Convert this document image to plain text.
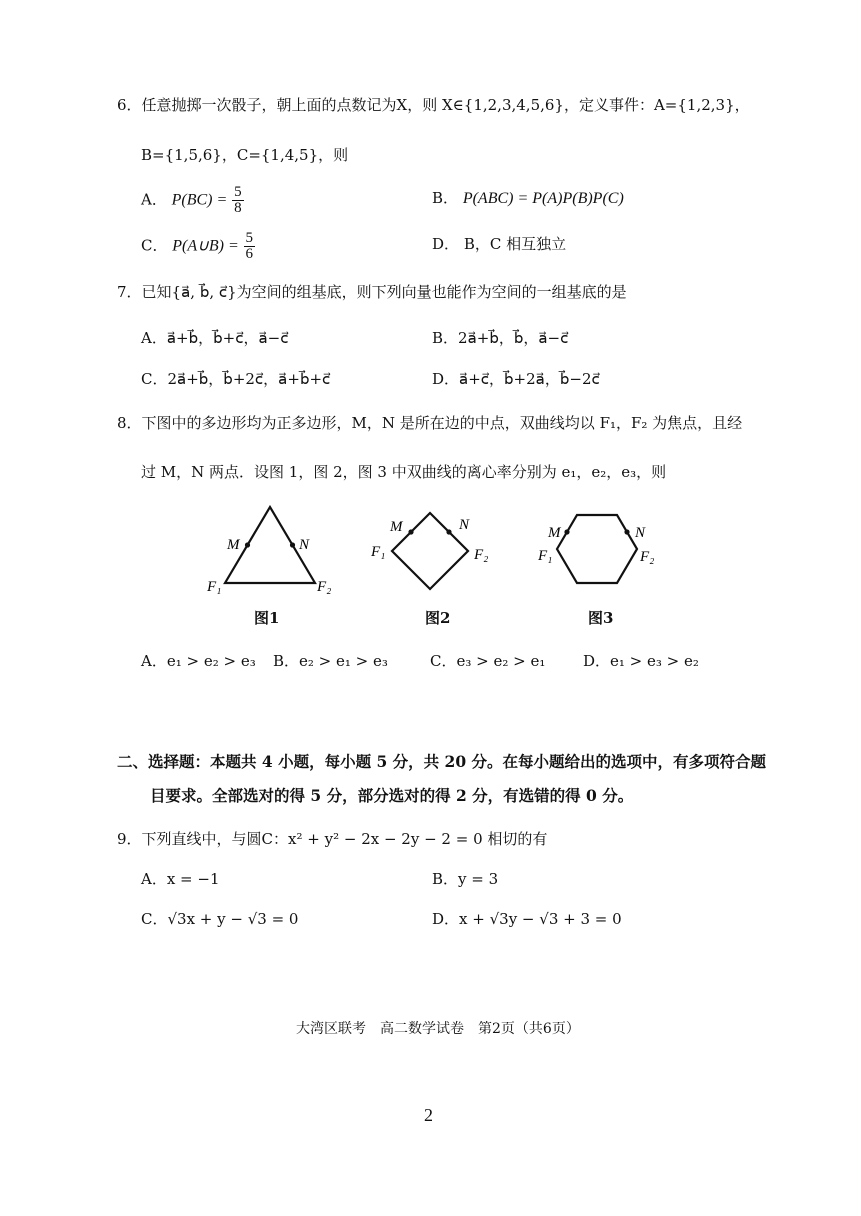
6．任意抛掷一次骰子，朝上面的点数记为X，则 X∈{1,2,3,4,5,6}，定义事件：A={1,2,3}，
B={1,5,6}，C={1,4,5}，则
A． $P(BC) = \frac{5}{8}$	B． P(ABC) = P(A)P(B)P(C)
C． P(A∪B) = $\frac{5}{6}$	D． B，C 相互独立
7．已知{a⃗, b⃗, c⃗}为空间的组基底，则下列向量也能作为空间的一组基底的是
A．a⃗+b⃗，b⃗+c⃗，a⃗−c⃗	B．2a⃗+b⃗，b⃗，a⃗−c⃗
C．2a⃗+b⃗，b⃗+2c⃗，a⃗+b⃗+c⃗	D．a⃗+c⃗，b⃗+2a⃗，b⃗−2c⃗
8．下图中的多边形均为正多边形，M，N 是所在边的中点，双曲线均以 F₁，F₂ 为焦点，且经
过 M，N 两点．设图 1，图 2，图 3 中双曲线的离心率分别为 e₁，e₂，e₃，则
M	N
F₁	F₂
图1
M	N
F₁	F₂
图2
M	N
F₁	F₂
图3
A．e₁ > e₂ > e₃ B．e₂ > e₁ > e₃	C．e₃ > e₂ > e₁	D．e₁ > e₃ > e₂
二、选择题：本题共 4 小题，每小题 5 分，共 20 分。在每小题给出的选项中，有多项符合题
目要求。全部选对的得 5 分，部分选对的得 2 分，有选错的得 0 分。
9．下列直线中，与圆C：x² + y² − 2x − 2y − 2 = 0 相切的有
A．x = −1	B．y = 3
C．√3x + y − √3 = 0	D．x + √3y − √3 + 3 = 0
大湾区联考　高二数学试卷　第2页（共6页）
2
